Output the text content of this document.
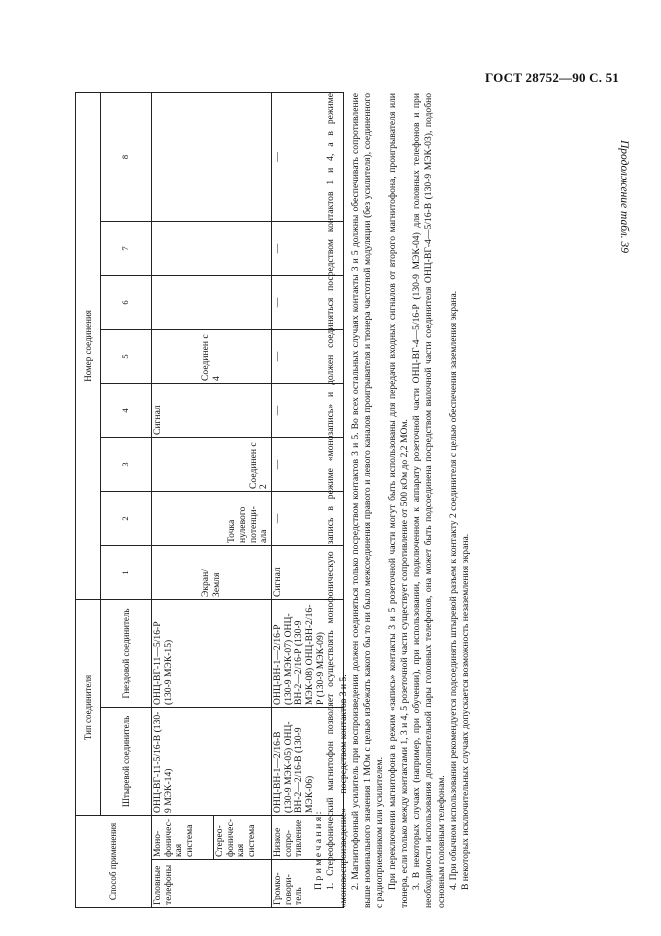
ГОСТ 28752—90 С. 51
Продолжение табл. 39
Способ применения		Тип соединителя		Номер соединения							
		Штыревой соединитель	Гнездовой соединитель	1	2	3	4	5	6	7	8

Головные телефоны	Моно-фоничес-кая система	ОНЦ-ВГ-11-5/16-В (130-9 МЭК-14)	ОНЦ-ВГ-11—5/16-Р (130-9 МЭК-15)	Экран/ Земля	Точка нулевого потенци-ала	Соединен с 2	Сигнал	Соединен с 4			
	Стерео-фоничес-кая система										
Громко-говори-тель	Низкое сопро-тивление	ОНЦ-ВН-1—2/16-В (130-9 МЭК-05) ОНЦ-ВН-2—2/16-В (130-9 МЭК-06)	ОНЦ-ВН-1—2/16-Р (130-9 МЭК-07) ОНЦ-ВН-2—2/16-Р (130-9 МЭК-08) ОНЦ-ВН-2/16-Р (130-9 МЭК-09)	Сигнал	—	—	—	—	—	—	—

Примечания: 1. Стереофонический магнитофон позволяет осуществлять монофоническую запись в режиме «монозапись» и должен соединяться посредством контактов 1 и 4, а в режиме «моновоспроизведение» — посредством контактов 3 и 5. 2. Магнитофонный усилитель при воспроизведении должен соединяться только посредством контактов 3 и 5. Во всех остальных случаях контакты 3 и 5 должны обеспечивать сопротивление выше номинального значения 1 МОм с целью избежать какого бы то ни было межсоединения правого и левого каналов проигрывателя и тюнера частотной модуляции (без усилителя), соединенного с радиоприемником или усилителем. При переключении магнитофона в режим «запись» контакты 3 и 5 розеточной части могут быть использованы для передачи входных сигналов от второго магнитофона, проигрывателя или тюнера, если только между контактами 1, 3 и 4, 5 розеточной части существует сопротивление от 500 кОм до 2,2 МОм. 3. В некоторых случаях (например, при обучении), при использовании, подключенном к аппарату розеточной части ОНЦ-ВГ-4—5/16-Р (130-9 МЭК-04) для головных телефонов и при необходимости использования дополнительной пары головных телефонов, она может быть подсоединена посредством вилочной части соединителя ОНЦ-ВГ-4—5/16-В (130-9 МЭК-03), подобно основным головным телефонам. 4. При обычном использовании рекомендуется подсоединять штыревой разъем к контакту 2 соединителя с целью обеспечения заземления экрана. В некоторых исключительных случаях допускается возможность незаземления экрана.
